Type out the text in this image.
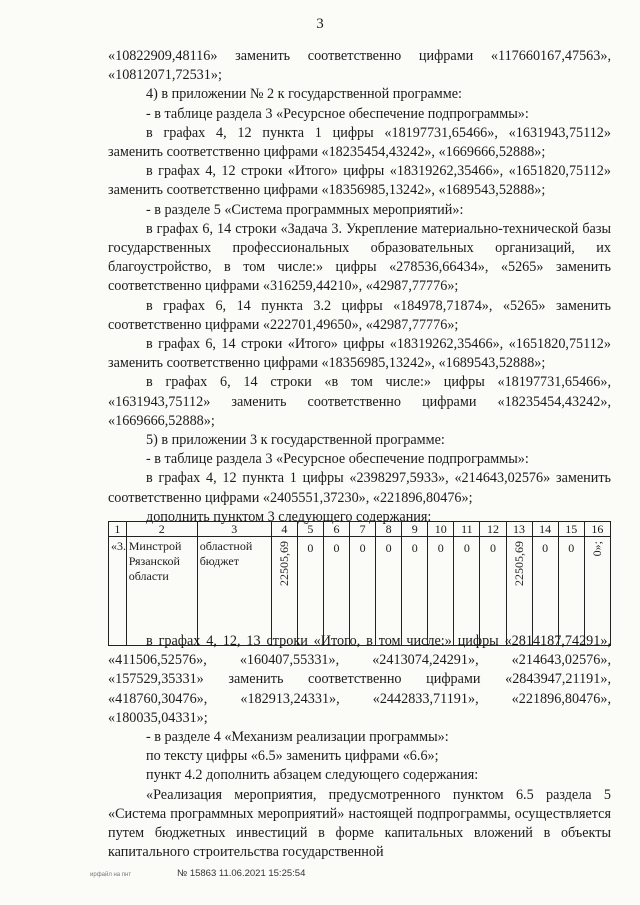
3

«10822909,48116» заменить соответственно цифрами «117660167,47563», «10812071,72531»;

4) в приложении № 2 к государственной программе:

- в таблице раздела 3 «Ресурсное обеспечение подпрограммы»:

в графах 4, 12 пункта 1 цифры «18197731,65466», «1631943,75112» заменить соответственно цифрами «18235454,43242», «1669666,52888»;

в графах 4, 12 строки «Итого» цифры «18319262,35466», «1651820,75112» заменить соответственно цифрами «18356985,13242», «1689543,52888»;

- в разделе 5 «Система программных мероприятий»:

в графах 6, 14 строки «Задача 3. Укрепление материально-технической базы государственных профессиональных образовательных организаций, их благоустройство, в том числе:» цифры «278536,66434», «5265» заменить соответственно цифрами «316259,44210», «42987,77776»;

в графах 6, 14 пункта 3.2 цифры «184978,71874», «5265» заменить соответственно цифрами «222701,49650», «42987,77776»;

в графах 6, 14 строки «Итого» цифры «18319262,35466», «1651820,75112» заменить соответственно цифрами «18356985,13242», «1689543,52888»;

в графах 6, 14 строки «в том числе:» цифры «18197731,65466», «1631943,75112» заменить соответственно цифрами «18235454,43242», «1669666,52888»;

5) в приложении 3 к государственной программе:

- в таблице раздела 3 «Ресурсное обеспечение подпрограммы»:

в графах 4, 12 пункта 1 цифры «2398297,5933», «214643,02576» заменить соответственно цифрами «2405551,37230», «221896,80476»;

дополнить пунктом 3 следующего содержания:

1	2	3	4	5	6	7	8	9	10	11	12	13	14	15	16
«3.	Минстрой Рязанской области	областной бюджет	22505,69	0	0	0	0	0	0	0	0	22505,69	0	0	0»;

в графах 4, 12, 13 строки «Итого, в том числе:» цифры «2814187,74291», «411506,52576», «160407,55331», «2413074,24291», «214643,02576», «157529,35331» заменить соответственно цифрами «2843947,21191», «418760,30476», «182913,24331», «2442833,71191», «221896,80476», «180035,04331»;

- в разделе 4 «Механизм реализации программы»:

по тексту цифры «6.5» заменить цифрами «6.6»;

пункт 4.2 дополнить абзацем следующего содержания:

«Реализация мероприятия, предусмотренного пунктом 6.5 раздела 5 «Система программных мероприятий» настоящей подпрограммы, осуществляется путем бюджетных инвестиций в форме капитальных вложений в объекты капитального строительства государственной

ирфайл на пнт	№ 15863 11.06.2021 15:25:54
